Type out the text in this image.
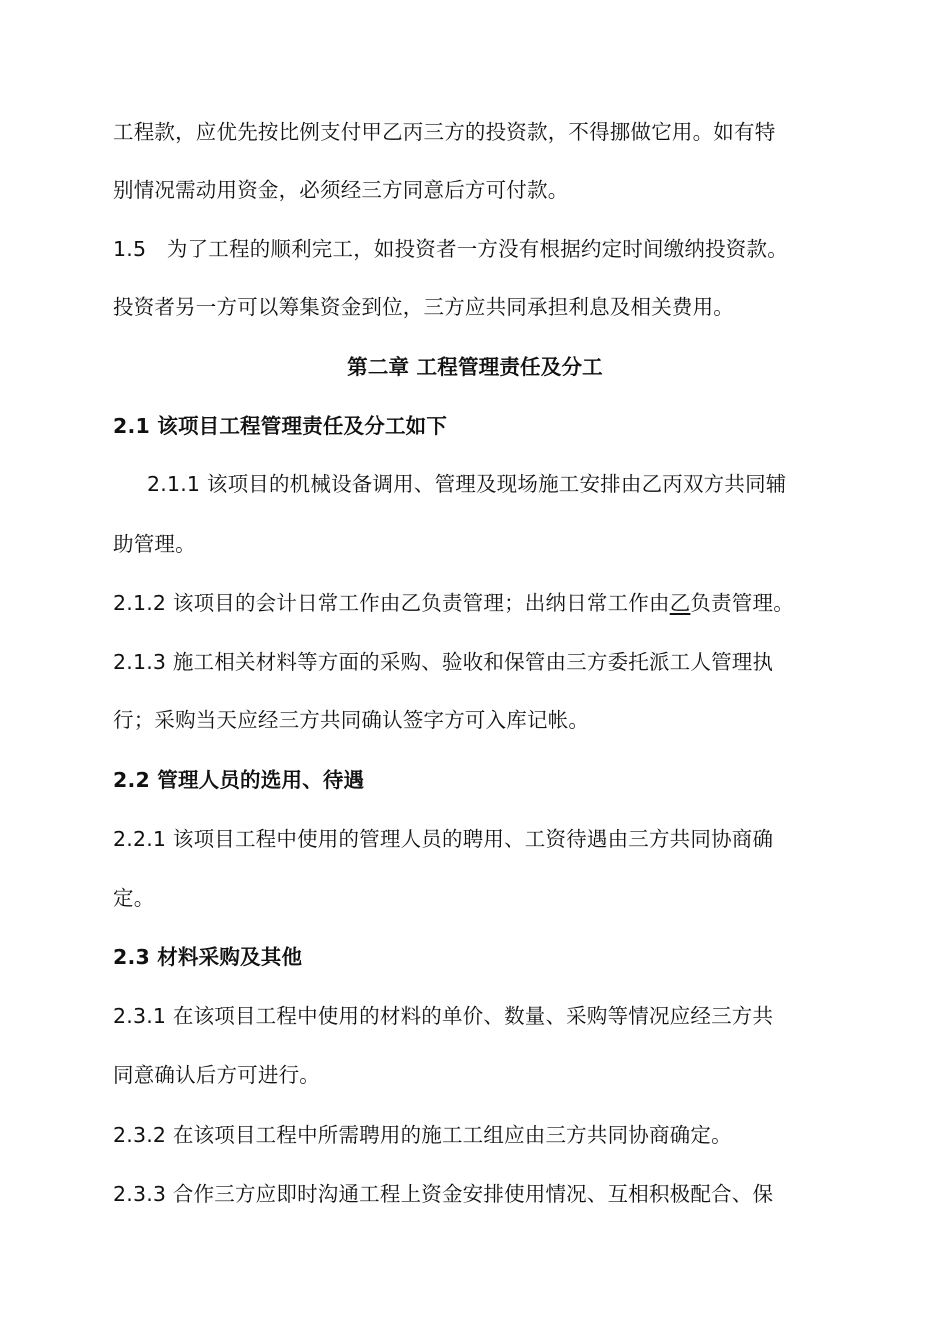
工程款，应优先按比例支付甲乙丙三方的投资款，不得挪做它用。如有特
别情况需动用资金，必须经三方同意后方可付款。
1.5　为了工程的顺利完工，如投资者一方没有根据约定时间缴纳投资款。
投资者另一方可以筹集资金到位，三方应共同承担利息及相关费用。
第二章 工程管理责任及分工
2.1 该项目工程管理责任及分工如下
2.1.1 该项目的机械设备调用、管理及现场施工安排由乙丙双方共同辅
助管理。
2.1.2 该项目的会计日常工作由乙负责管理；出纳日常工作由乙负责管理。
2.1.3 施工相关材料等方面的采购、验收和保管由三方委托派工人管理执
行；采购当天应经三方共同确认签字方可入库记帐。
2.2 管理人员的选用、待遇
2.2.1 该项目工程中使用的管理人员的聘用、工资待遇由三方共同协商确
定。
2.3 材料采购及其他
2.3.1 在该项目工程中使用的材料的单价、数量、采购等情况应经三方共
同意确认后方可进行。
2.3.2 在该项目工程中所需聘用的施工工组应由三方共同协商确定。
2.3.3 合作三方应即时沟通工程上资金安排使用情况、互相积极配合、保
